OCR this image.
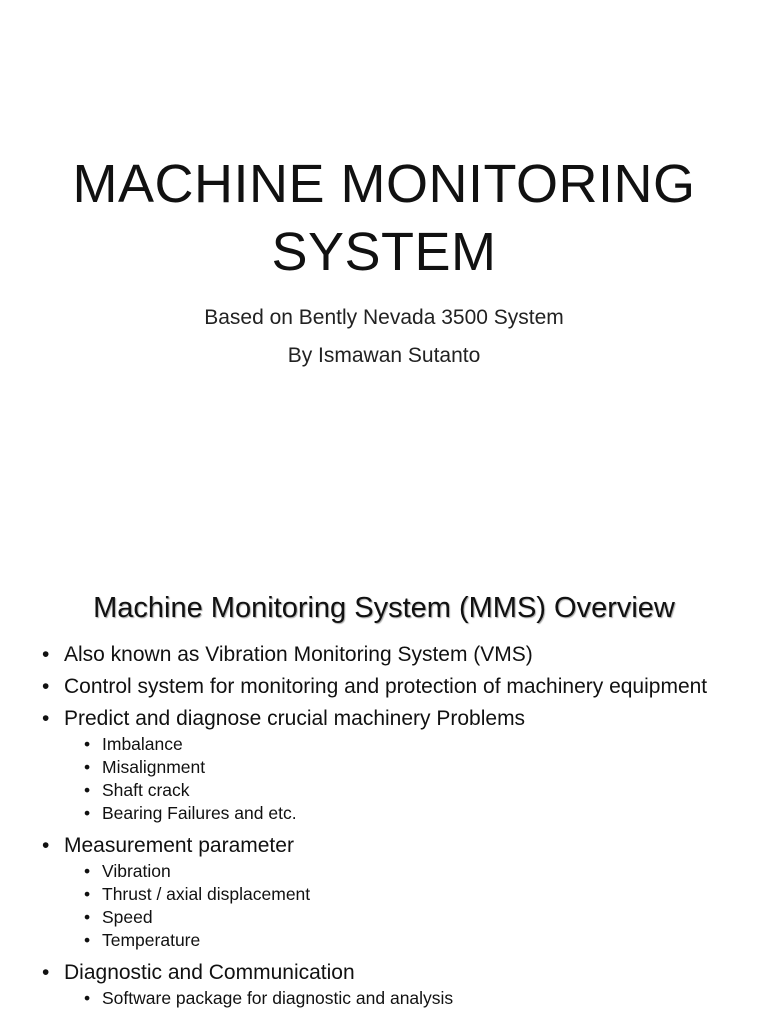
MACHINE MONITORING
SYSTEM
Based on Bently Nevada 3500 System
By Ismawan Sutanto
Machine Monitoring System (MMS) Overview
• Also known as Vibration Monitoring System (VMS)
• Control system for monitoring and protection of machinery equipment
• Predict and diagnose crucial machinery Problems
• Imbalance
• Misalignment
• Shaft crack
• Bearing Failures and etc.
• Measurement parameter
• Vibration
• Thrust / axial displacement
• Speed
• Temperature
• Diagnostic and Communication
• Software package for diagnostic and analysis
